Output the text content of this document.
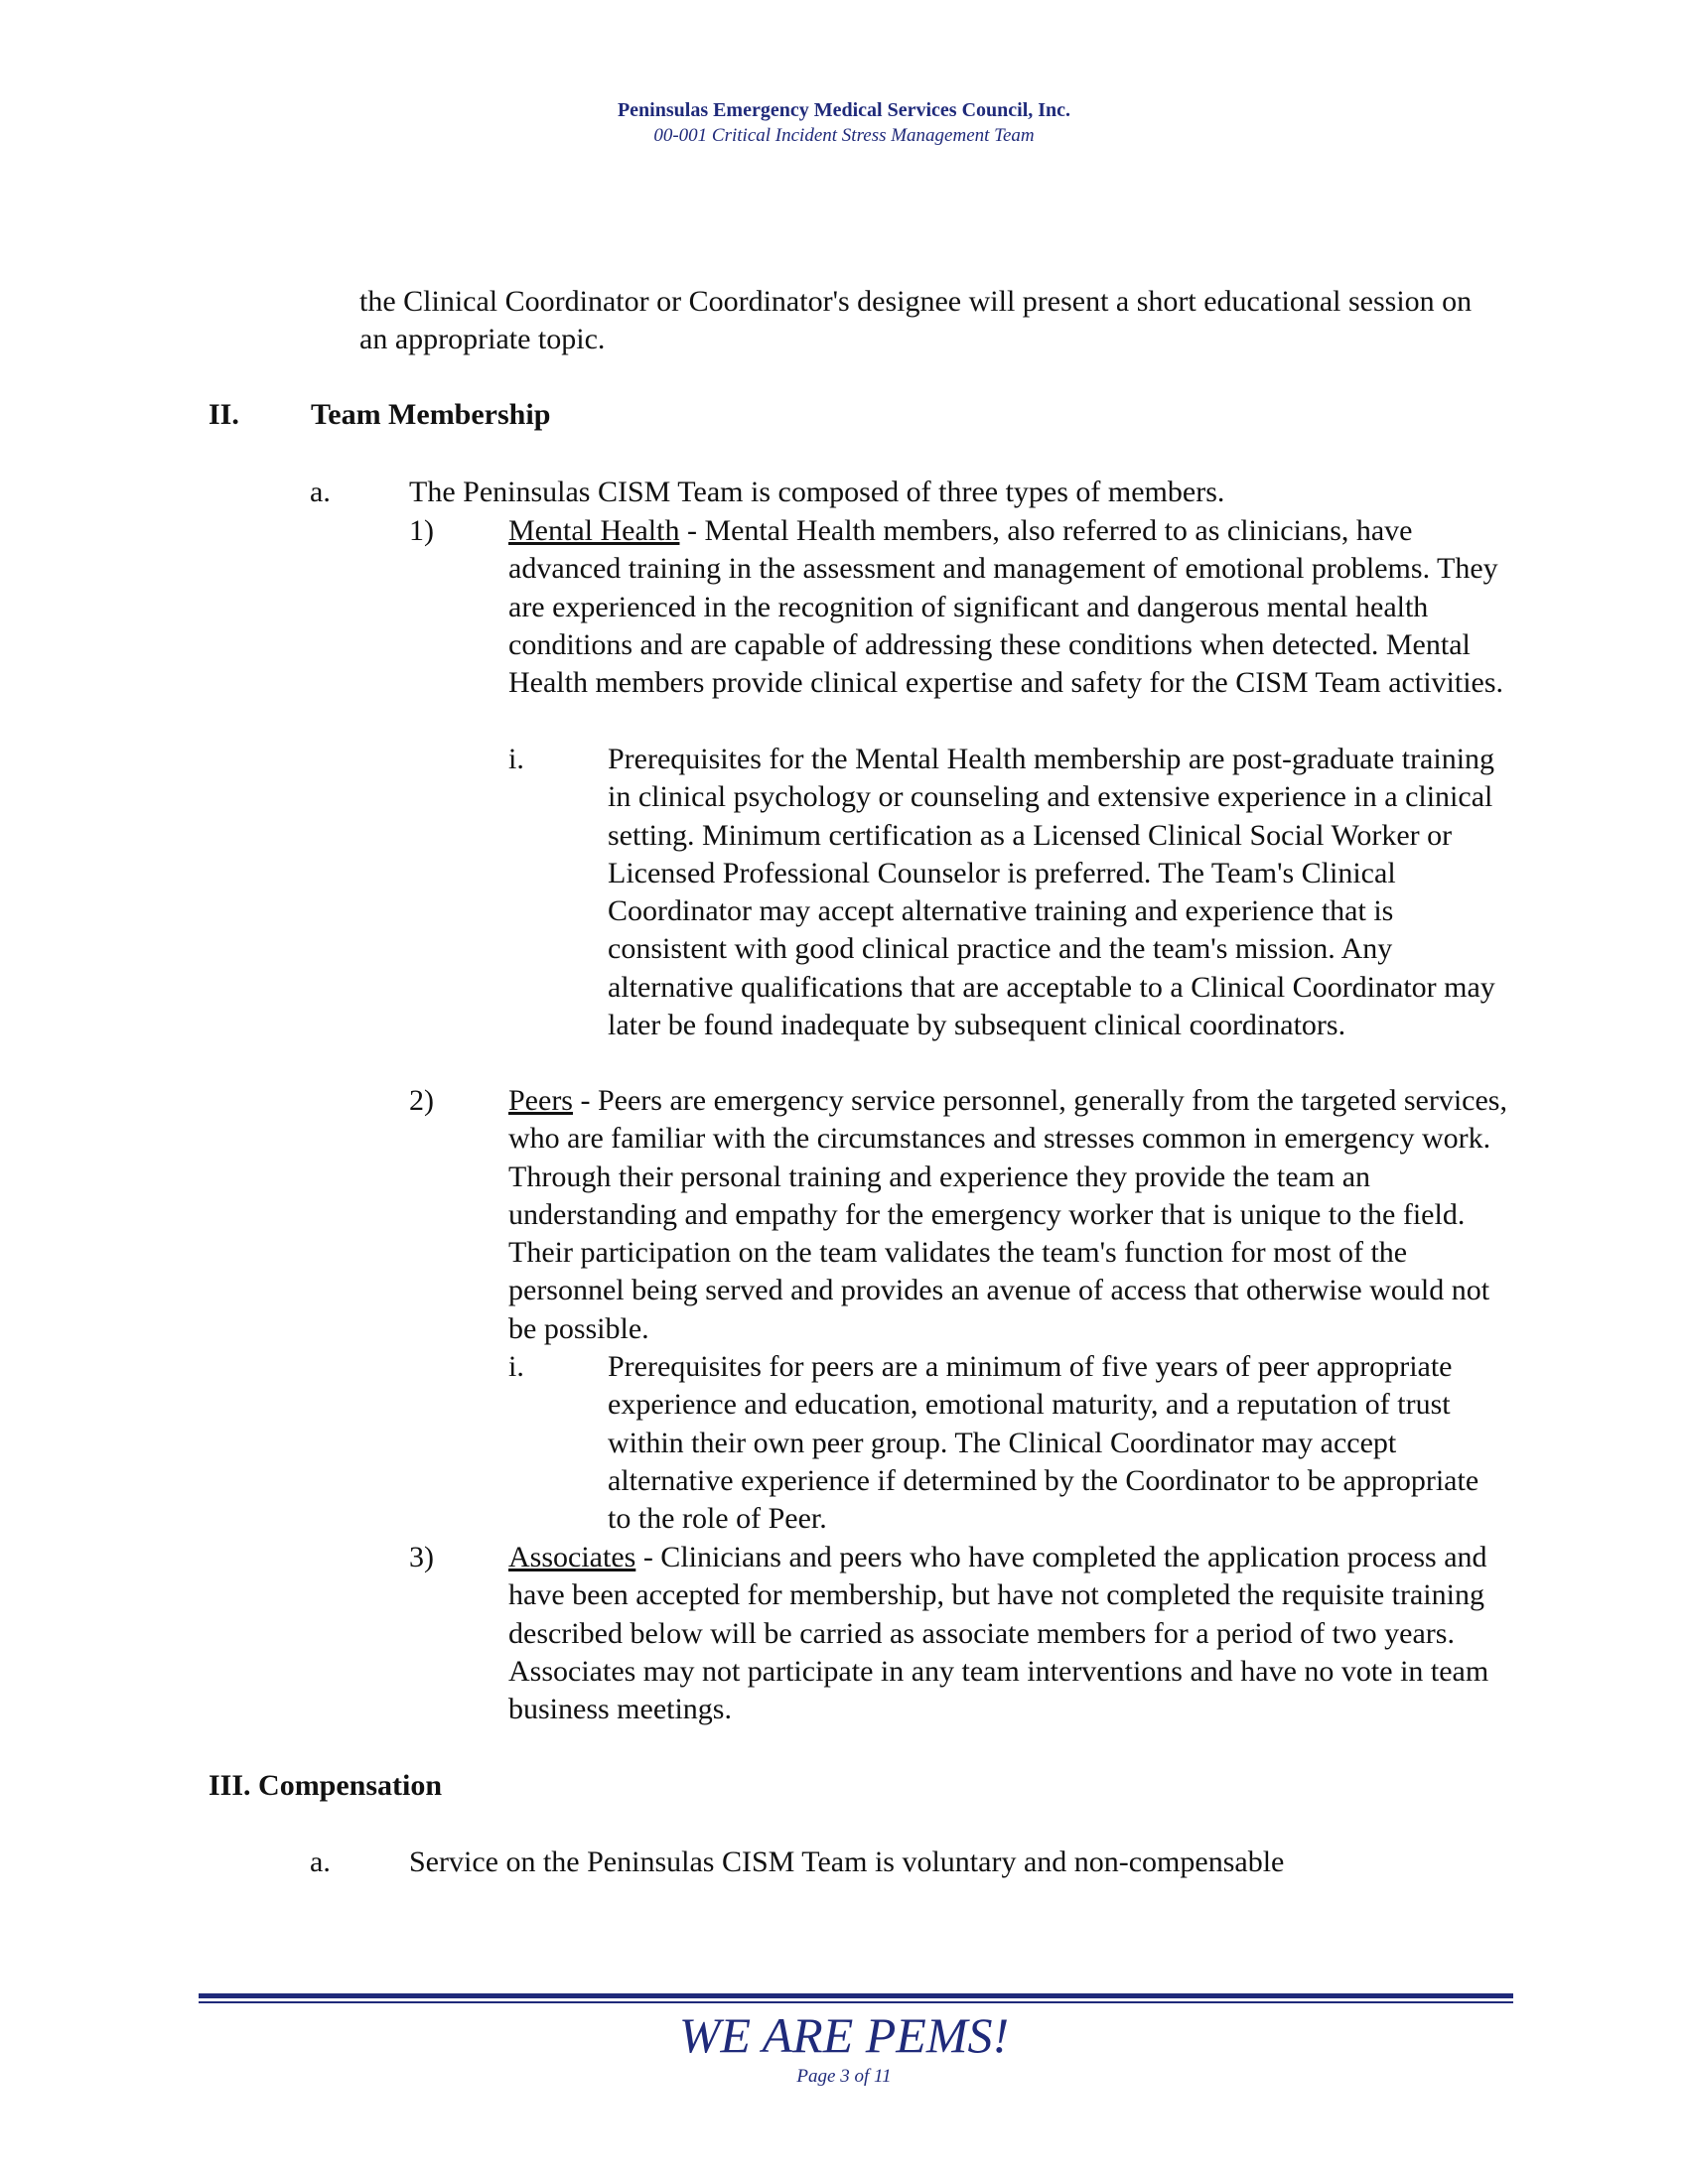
Peninsulas Emergency Medical Services Council, Inc.
00-001 Critical Incident Stress Management Team

the Clinical Coordinator or Coordinator's designee will present a short educational session on an appropriate topic.

II. Team Membership
a.	The Peninsulas CISM Team is composed of three types of members.
1)	Mental Health - Mental Health members, also referred to as clinicians, have advanced training in the assessment and management of emotional problems. They are experienced in the recognition of significant and dangerous mental health conditions and are capable of addressing these conditions when detected. Mental Health members provide clinical expertise and safety for the CISM Team activities.
i.	Prerequisites for the Mental Health membership are post-graduate training in clinical psychology or counseling and extensive experience in a clinical setting. Minimum certification as a Licensed Clinical Social Worker or Licensed Professional Counselor is preferred. The Team's Clinical Coordinator may accept alternative training and experience that is consistent with good clinical practice and the team's mission. Any alternative qualifications that are acceptable to a Clinical Coordinator may later be found inadequate by subsequent clinical coordinators.
2)	Peers - Peers are emergency service personnel, generally from the targeted services, who are familiar with the circumstances and stresses common in emergency work. Through their personal training and experience they provide the team an understanding and empathy for the emergency worker that is unique to the field. Their participation on the team validates the team's function for most of the personnel being served and provides an avenue of access that otherwise would not be possible.
i.	Prerequisites for peers are a minimum of five years of peer appropriate experience and education, emotional maturity, and a reputation of trust within their own peer group. The Clinical Coordinator may accept alternative experience if determined by the Coordinator to be appropriate to the role of Peer.
3)	Associates - Clinicians and peers who have completed the application process and have been accepted for membership, but have not completed the requisite training described below will be carried as associate members for a period of two years. Associates may not participate in any team interventions and have no vote in team business meetings.
III. Compensation
a.	Service on the Peninsulas CISM Team is voluntary and non-compensable
WE ARE PEMS!
Page 3 of 11
